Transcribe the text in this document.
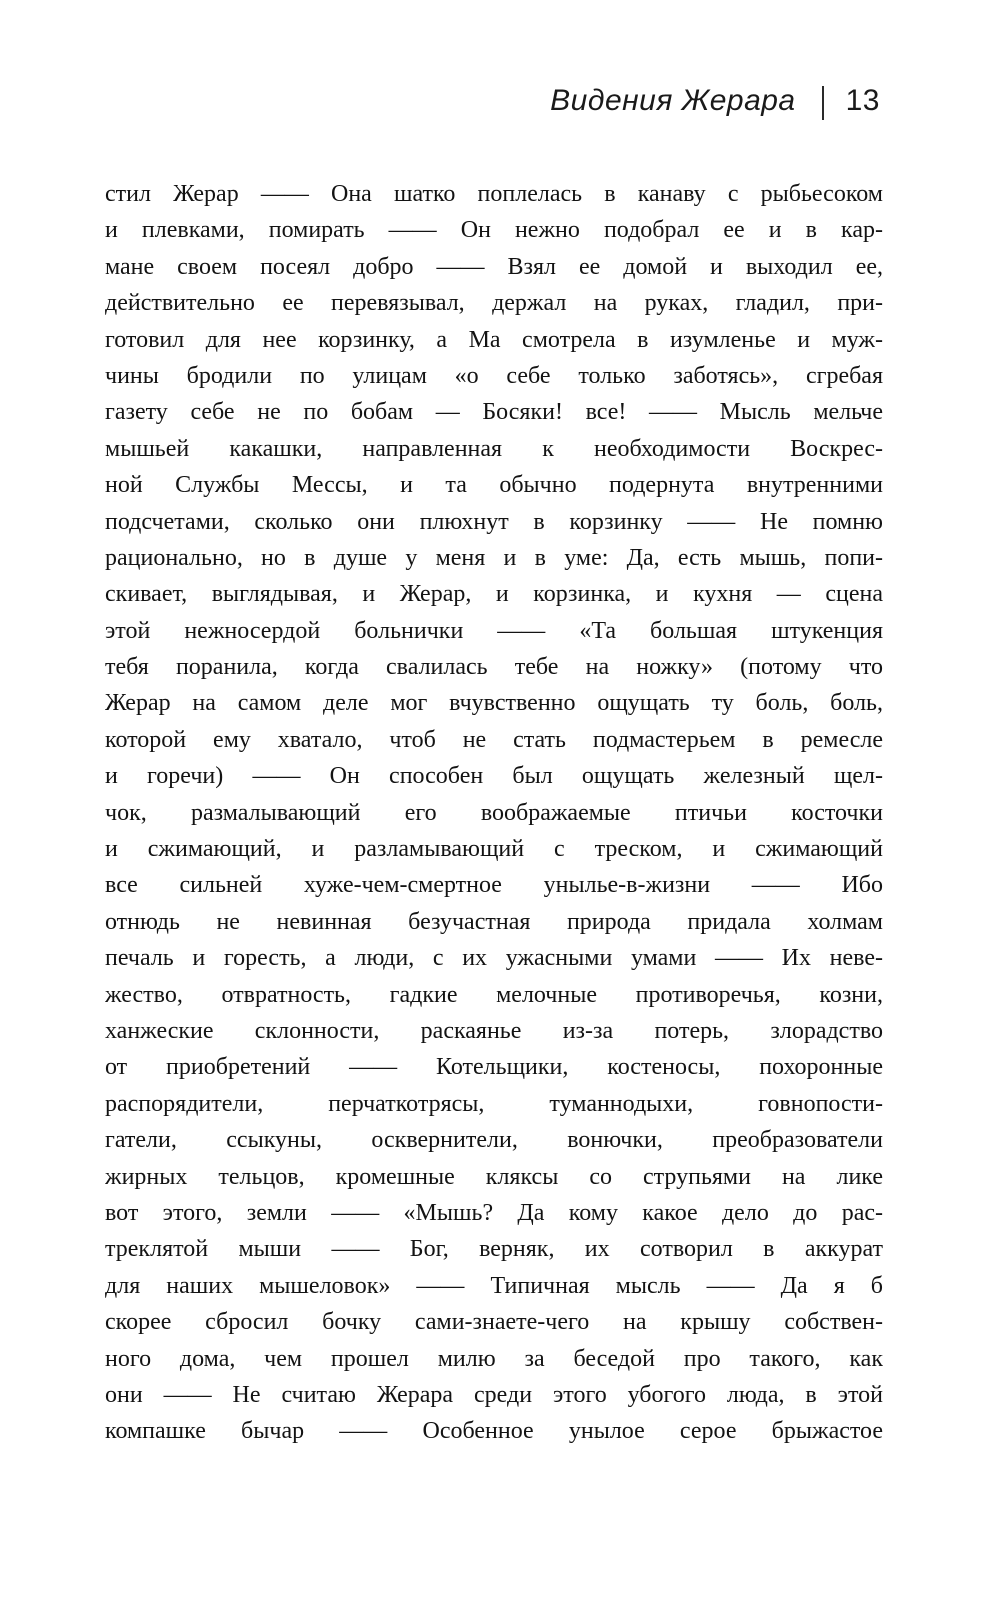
Видения Жерара 13
стил Жерар —— Она шатко поплелась в канаву с рыбьесоком
и плевками, помирать —— Он нежно подобрал ее и в кар-
мане своем посеял добро —— Взял ее домой и выходил ее,
действительно ее перевязывал, держал на руках, гладил, при-
готовил для нее корзинку, а Ма смотрела в изумленье и муж-
чины бродили по улицам «о себе только заботясь», сгребая
газету себе не по бобам — Босяки! все! —— Мысль мельче
мышьей какашки, направленная к необходимости Воскрес-
ной Службы Мессы, и та обычно подернута внутренними
подсчетами, сколько они плюхнут в корзинку —— Не помню
рационально, но в душе у меня и в уме: Да, есть мышь, попи-
скивает, выглядывая, и Жерар, и корзинка, и кухня — сцена
этой нежносердой больнички —— «Та большая штукенция
тебя поранила, когда свалилась тебе на ножку» (потому что
Жерар на самом деле мог вчувственно ощущать ту боль, боль,
которой ему хватало, чтоб не стать подмастерьем в ремесле
и горечи) —— Он способен был ощущать железный щел-
чок, размалывающий его воображаемые птичьи косточки
и сжимающий, и разламывающий с треском, и сжимающий
все сильней хуже-чем-смертное унылье-в-жизни —— Ибо
отнюдь не невинная безучастная природа придала холмам
печаль и горесть, а люди, с их ужасными умами —— Их неве-
жество, отвратность, гадкие мелочные противоречья, козни,
ханжеские склонности, раскаянье из-за потерь, злорадство
от приобретений —— Котельщики, костеносы, похоронные
распорядители, перчаткотрясы, туманнодыхи, говнопости-
гатели, ссыкуны, осквернители, вонючки, преобразователи
жирных тельцов, кромешные кляксы со струпьями на лике
вот этого, земли —— «Мышь? Да кому какое дело до рас-
треклятой мыши —— Бог, верняк, их сотворил в аккурат
для наших мышеловок» —— Типичная мысль —— Да я б
скорее сбросил бочку сами-знаете-чего на крышу собствен-
ного дома, чем прошел милю за беседой про такого, как
они —— Не считаю Жерара среди этого убогого люда, в этой
компашке бычар —— Особенное унылое серое брыжастое
